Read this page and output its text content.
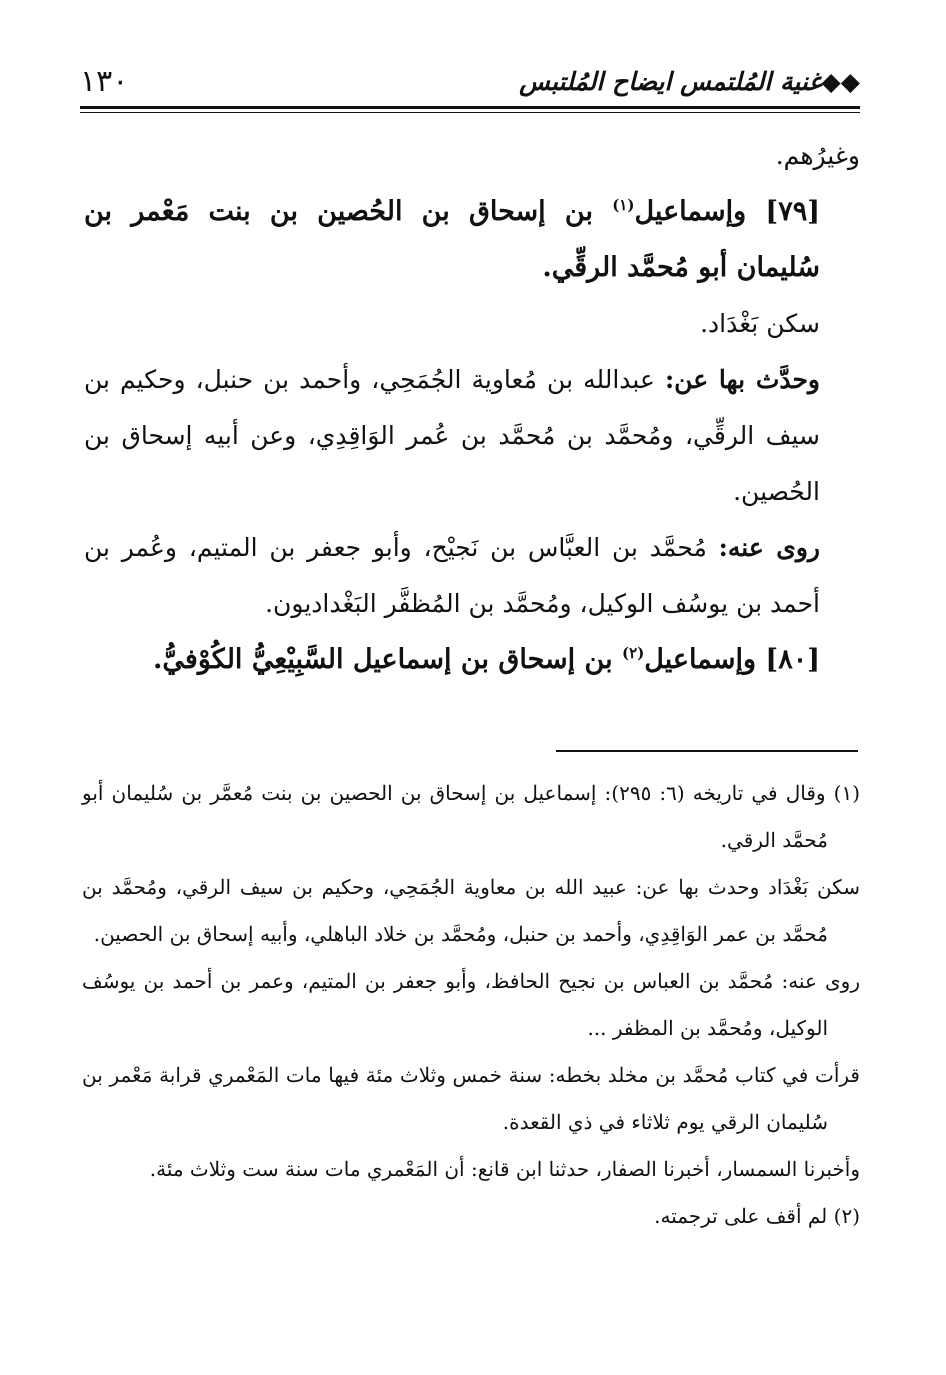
١٣٠	غنية المُلتمس ايضاح المُلتبس◆◆

وغيرُهم.

[٧٩] وإسماعيل$^{(١)}$ بن إسحاق بن الحُصين بن بنت مَعْمر بن سُليمان أبو مُحمَّد الرقِّي.

سكن بَغْدَاد.

وحدَّث بها عن: عبدالله بن مُعاوية الجُمَحِي، وأحمد بن حنبل، وحكيم بن سيف الرقِّي، ومُحمَّد بن مُحمَّد بن عُمر الوَاقِدِي، وعن أبيه إسحاق بن الحُصين.

روى عنه: مُحمَّد بن العبَّاس بن نَجيْح، وأبو جعفر بن المتيم، وعُمر بن أحمد بن يوسُف الوكيل، ومُحمَّد بن المُظفَّر البَغْداديون.

[٨٠] وإسماعيل$^{(٢)}$ بن إسحاق بن إسماعيل السَّبِيْعِيُّ الكُوْفيُّ.

(١) وقال في تاريخه (٦: ٢٩٥): إسماعيل بن إسحاق بن الحصين بن بنت مُعمَّر بن سُليمان أبو مُحمَّد الرقي.

سكن بَغْدَاد وحدث بها عن: عبيد الله بن معاوية الجُمَحِي، وحكيم بن سيف الرقي، ومُحمَّد بن مُحمَّد بن عمر الوَاقِدِي، وأحمد بن حنبل، ومُحمَّد بن خلاد الباهلي، وأبيه إسحاق بن الحصين.

روى عنه: مُحمَّد بن العباس بن نجيح الحافظ، وأبو جعفر بن المتيم، وعمر بن أحمد بن يوسُف الوكيل، ومُحمَّد بن المظفر ...

قرأت في كتاب مُحمَّد بن مخلد بخطه: سنة خمس وثلاث مئة فيها مات المَعْمري قرابة مَعْمر بن سُليمان الرقي يوم ثلاثاء في ذي القعدة.

وأخبرنا السمسار، أخبرنا الصفار، حدثنا ابن قانع: أن المَعْمري مات سنة ست وثلاث مئة.

(٢) لم أقف على ترجمته.
